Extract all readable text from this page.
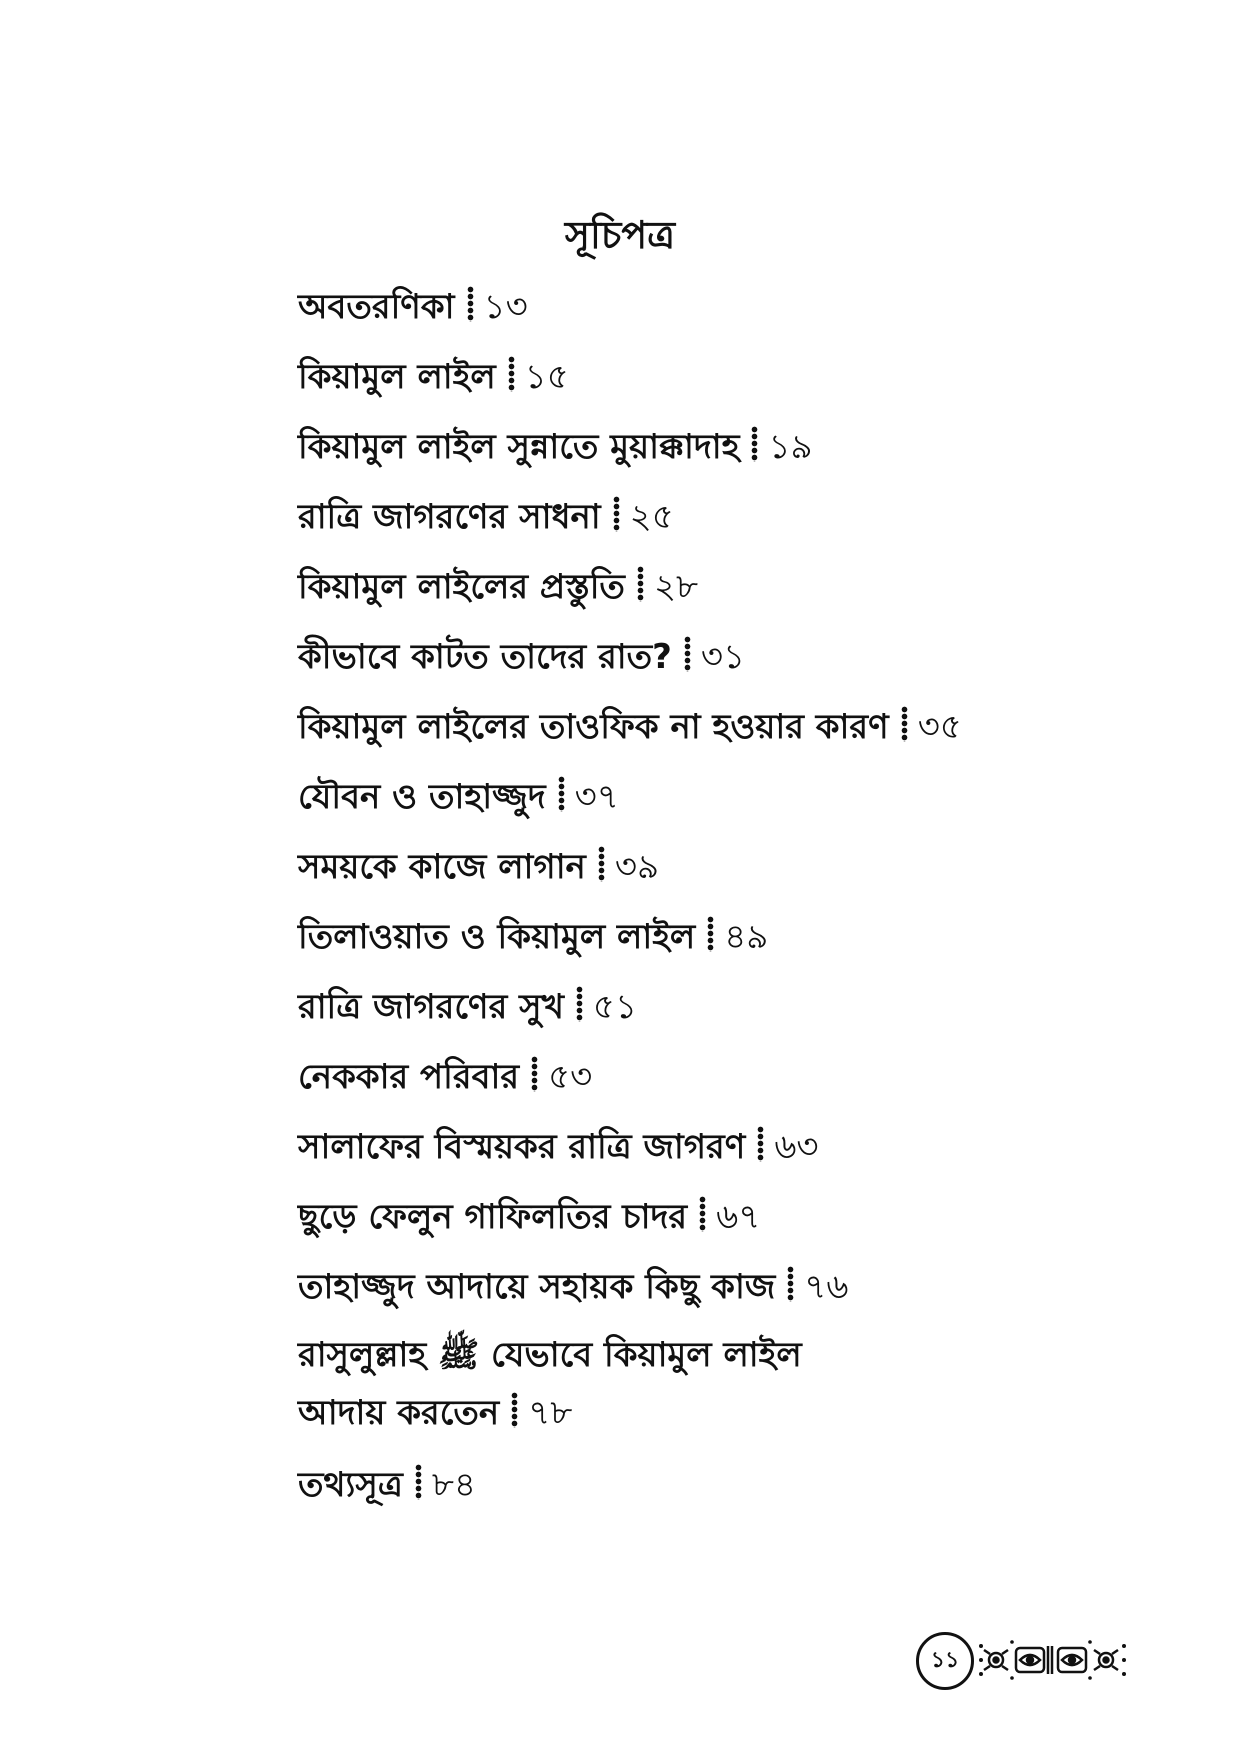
সূচিপত্র
অবতরণিকা ১৩
কিয়ামুল লাইল ১৫
কিয়ামুল লাইল সুন্নাতে মুয়াক্কাদাহ ১৯
রাত্রি জাগরণের সাধনা ২৫
কিয়ামুল লাইলের প্রস্তুতি ২৮
কীভাবে কাটত তাদের রাত? ৩১
কিয়ামুল লাইলের তাওফিক না হওয়ার কারণ ৩৫
যৌবন ও তাহাজ্জুদ ৩৭
সময়কে কাজে লাগান ৩৯
তিলাওয়াত ও কিয়ামুল লাইল ৪৯
রাত্রি জাগরণের সুখ ৫১
নেককার পরিবার ৫৩
সালাফের বিস্ময়কর রাত্রি জাগরণ ৬৩
ছুড়ে ফেলুন গাফিলতির চাদর ৬৭
তাহাজ্জুদ আদায়ে সহায়ক কিছু কাজ ৭৬
রাসুলুল্লাহ ﷺ যেভাবে কিয়ামুল লাইল আদায় করতেন ৭৮
তথ্যসূত্র ৮৪
১১
